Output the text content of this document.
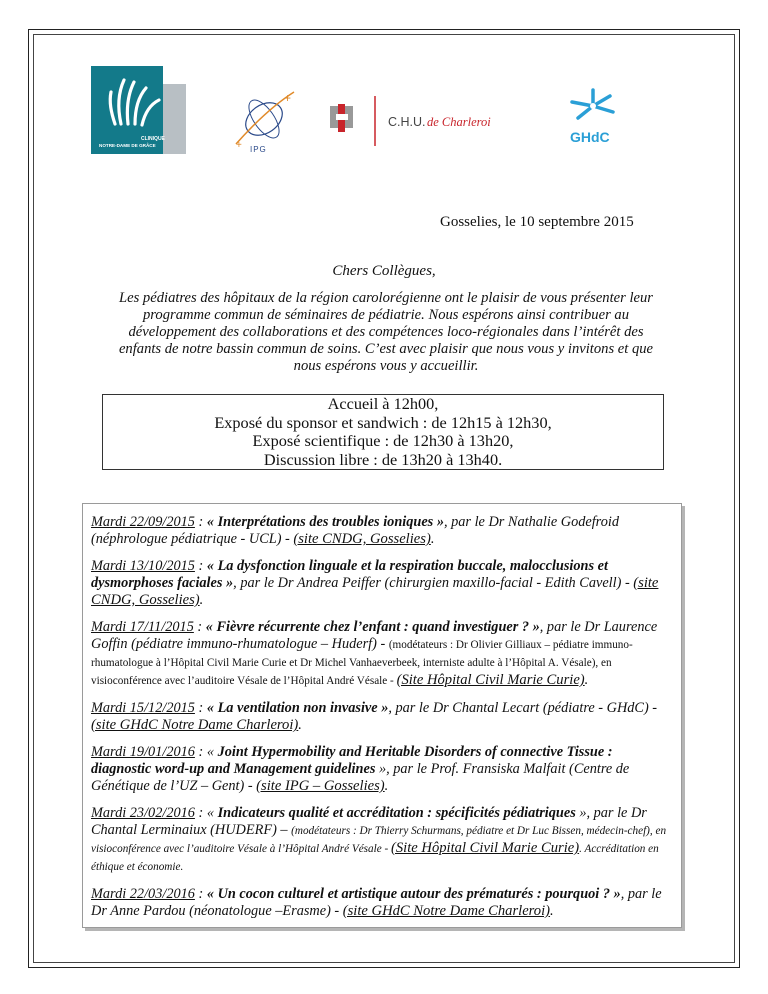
CLINIQUE
NOTRE-DAME DE GRÂCE
+
+ IPG
C.H.U. de Charleroi
GHdC
Gosselies, le 10 septembre 2015
Chers Collègues,
Les pédiatres des hôpitaux de la région carolorégienne ont le plaisir de vous présenter leur programme commun de séminaires de pédiatrie. Nous espérons ainsi contribuer au développement des collaborations et des compétences loco-régionales dans l’intérêt des enfants de notre bassin commun de soins. C’est avec plaisir que nous vous y invitons et que nous espérons vous y accueillir.
Accueil à 12h00,
Exposé du sponsor et sandwich : de 12h15 à 12h30,
Exposé scientifique : de 12h30 à 13h20,
Discussion libre : de 13h20 à 13h40.
Mardi 22/09/2015 : « Interprétations des troubles ioniques », par le Dr Nathalie Godefroid (néphrologue pédiatrique - UCL) - (site CNDG, Gosselies).
Mardi 13/10/2015 : « La dysfonction linguale et la respiration buccale, malocclusions et dysmorphoses faciales », par le Dr Andrea Peiffer (chirurgien maxillo-facial - Edith Cavell) - (site CNDG, Gosselies).
Mardi 17/11/2015 : « Fièvre récurrente chez l’enfant : quand investiguer ? », par le Dr Laurence Goffin (pédiatre immuno-rhumatologue – Huderf) - (modétateurs : Dr Olivier Gilliaux – pédiatre immuno-rhumatologue à l’Hôpital Civil Marie Curie et Dr Michel Vanhaeverbeek, interniste adulte à l’Hôpital A. Vésale), en visioconférence avec l’auditoire Vésale de l’Hôpital André Vésale - (Site Hôpital Civil Marie Curie).
Mardi 15/12/2015 : « La ventilation non invasive », par le Dr Chantal Lecart (pédiatre - GHdC) - (site GHdC Notre Dame Charleroi).
Mardi 19/01/2016 : « Joint Hypermobility and Heritable Disorders of connective Tissue : diagnostic word-up and Management guidelines », par le Prof. Fransiska Malfait (Centre de Génétique de l’UZ – Gent) - (site IPG – Gosselies).
Mardi 23/02/2016 : « Indicateurs qualité et accréditation : spécificités pédiatriques », par le Dr Chantal Lerminaiux (HUDERF) – (modétateurs : Dr Thierry Schurmans, pédiatre et Dr Luc Bissen, médecin-chef), en visioconférence avec l’auditoire Vésale à l’Hôpital André Vésale - (Site Hôpital Civil Marie Curie). Accréditation en éthique et économie.
Mardi 22/03/2016 : « Un cocon culturel et artistique autour des prématurés : pourquoi ? », par le Dr Anne Pardou (néonatologue –Erasme) - (site GHdC Notre Dame Charleroi).
